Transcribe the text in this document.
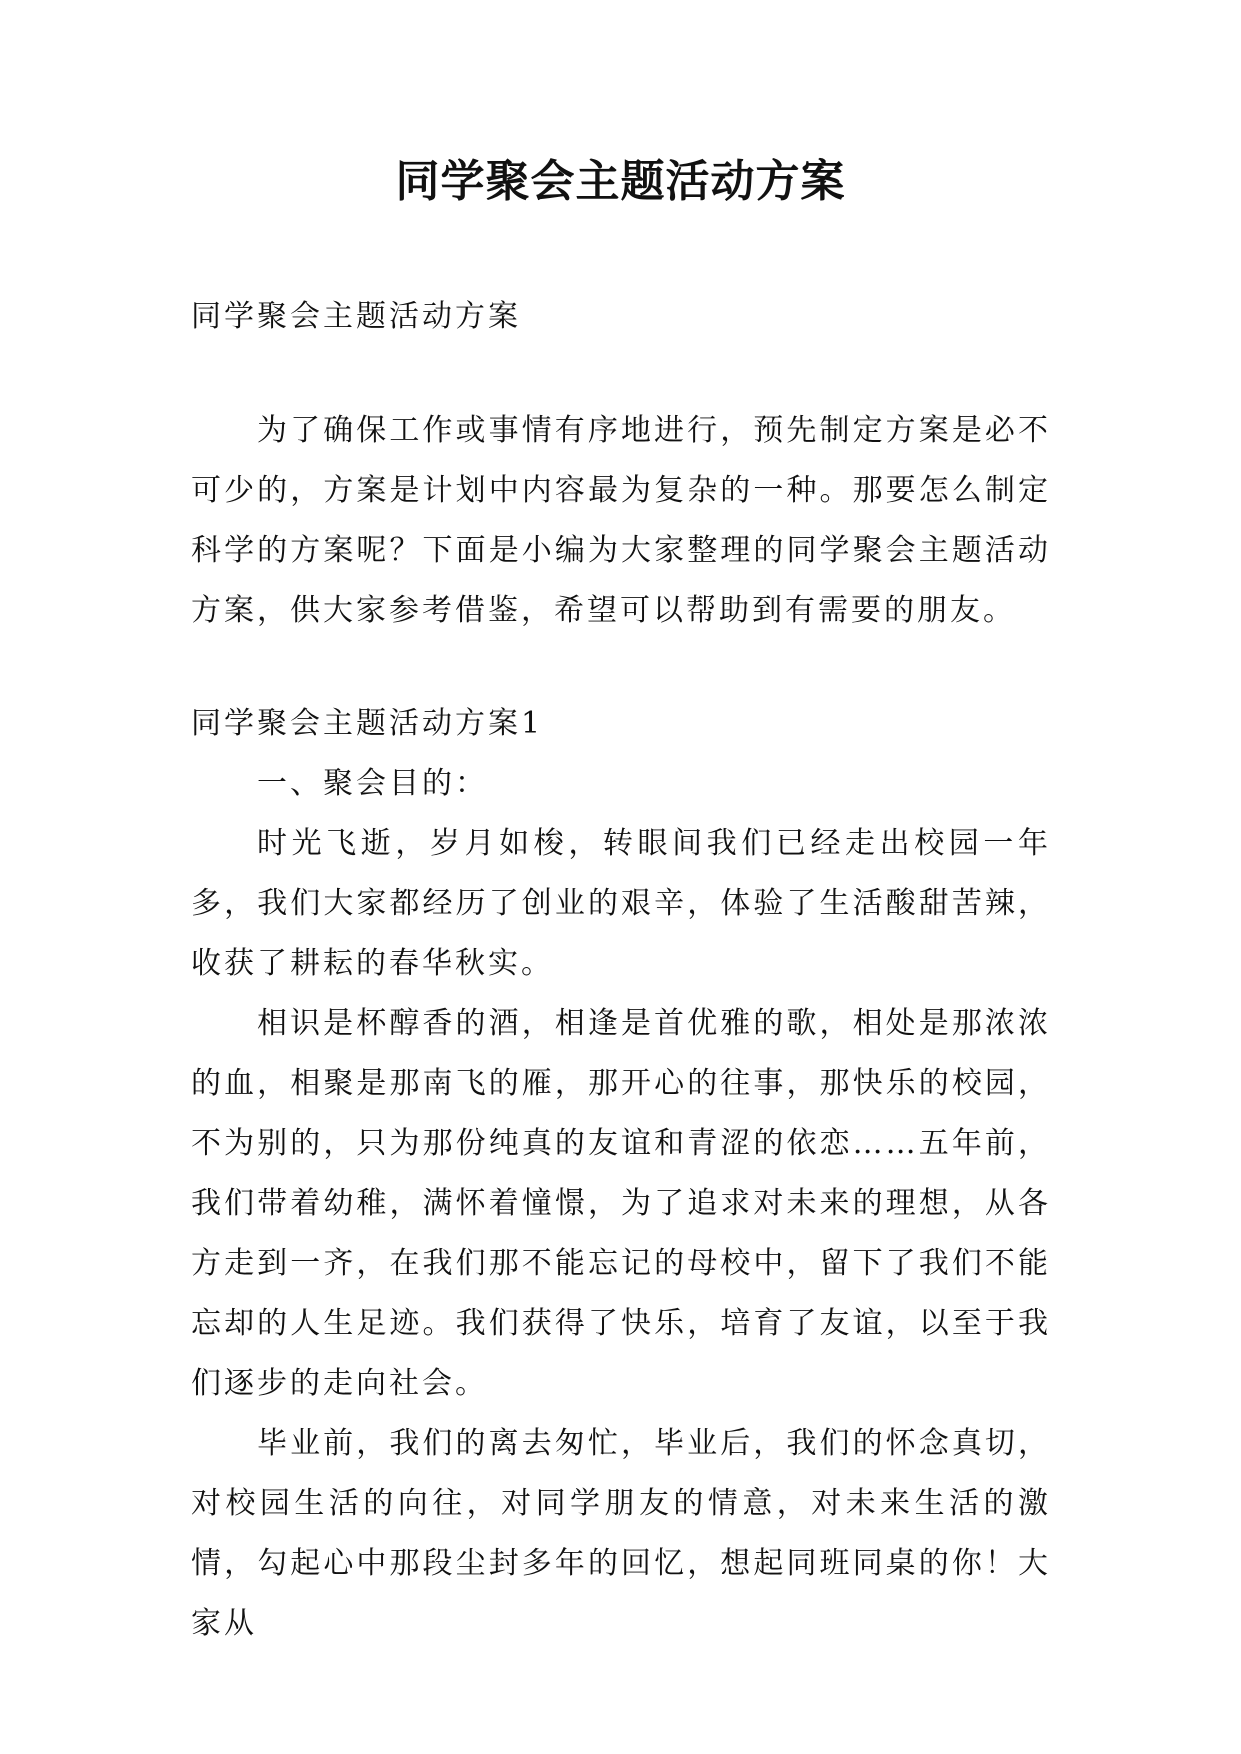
同学聚会主题活动方案
同学聚会主题活动方案
为了确保工作或事情有序地进行，预先制定方案是必不可少的，方案是计划中内容最为复杂的一种。那要怎么制定科学的方案呢？下面是小编为大家整理的同学聚会主题活动方案，供大家参考借鉴，希望可以帮助到有需要的朋友。

同学聚会主题活动方案1

一、聚会目的：

时光飞逝，岁月如梭，转眼间我们已经走出校园一年多，我们大家都经历了创业的艰辛，体验了生活酸甜苦辣，收获了耕耘的春华秋实。

相识是杯醇香的酒，相逢是首优雅的歌，相处是那浓浓的血，相聚是那南飞的雁，那开心的往事，那快乐的校园，不为别的，只为那份纯真的友谊和青涩的依恋……五年前，我们带着幼稚，满怀着憧憬，为了追求对未来的理想，从各方走到一齐，在我们那不能忘记的母校中，留下了我们不能忘却的人生足迹。我们获得了快乐，培育了友谊，以至于我们逐步的走向社会。

毕业前，我们的离去匆忙，毕业后，我们的怀念真切，对校园生活的向往，对同学朋友的情意，对未来生活的激情，勾起心中那段尘封多年的回忆，想起同班同桌的你！大家从
